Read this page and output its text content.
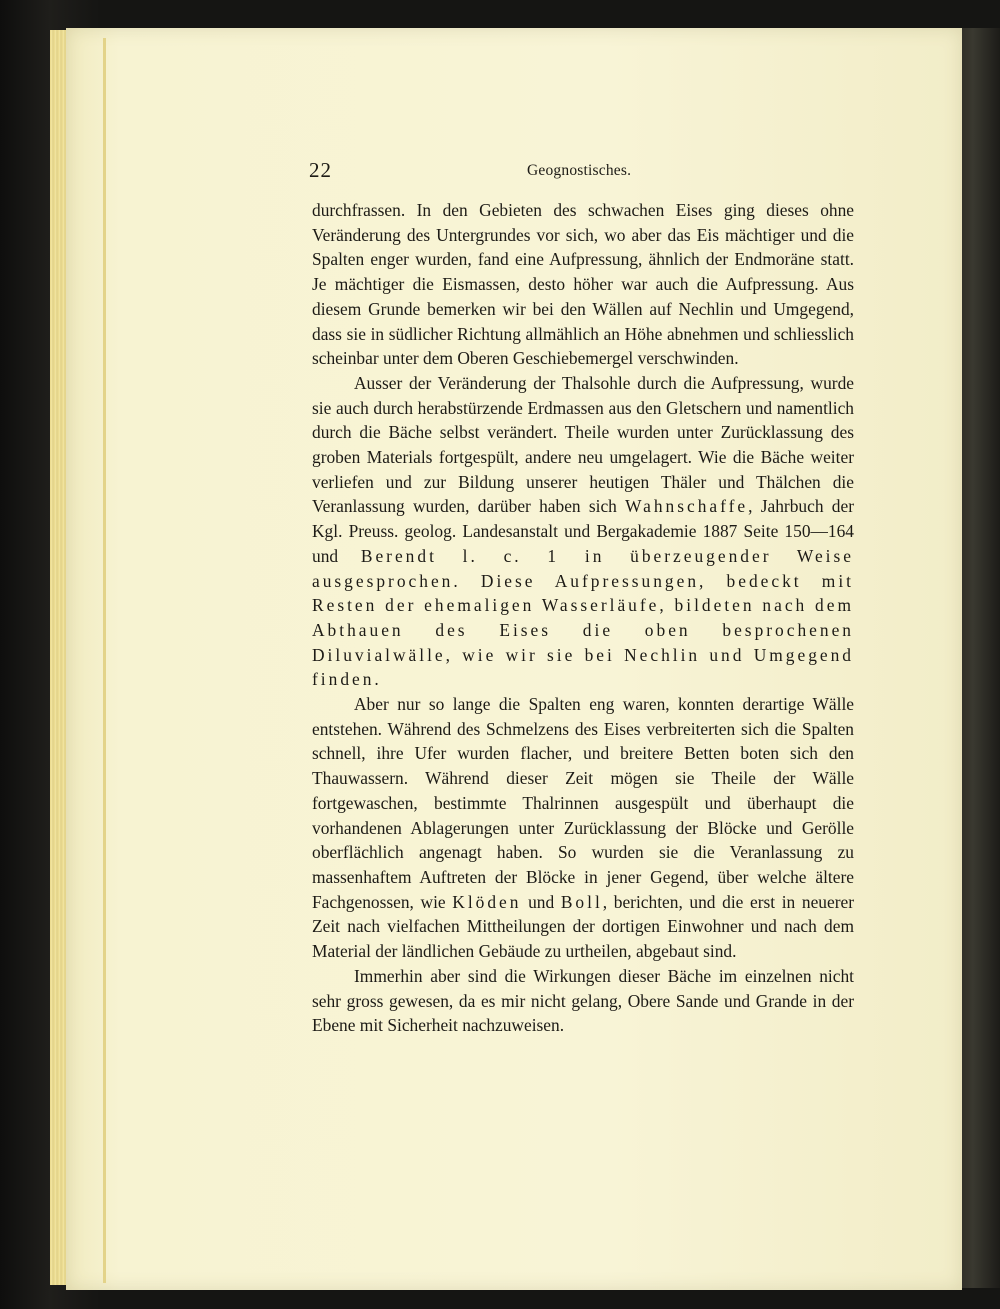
22	Geognostisches.

durchfrassen. In den Gebieten des schwachen Eises ging dieses ohne Veränderung des Untergrundes vor sich, wo aber das Eis mächtiger und die Spalten enger wurden, fand eine Aufpressung, ähnlich der Endmoräne statt. Je mächtiger die Eismassen, desto höher war auch die Aufpressung. Aus diesem Grunde bemerken wir bei den Wällen auf Nechlin und Umgegend, dass sie in südlicher Richtung allmählich an Höhe abnehmen und schliesslich scheinbar unter dem Oberen Geschiebemergel verschwinden.

Ausser der Veränderung der Thalsohle durch die Aufpressung, wurde sie auch durch herabstürzende Erdmassen aus den Gletschern und namentlich durch die Bäche selbst verändert. Theile wurden unter Zurücklassung des groben Materials fortgespült, andere neu umgelagert. Wie die Bäche weiter verliefen und zur Bildung unserer heutigen Thäler und Thälchen die Veranlassung wurden, darüber haben sich Wahnschaffe, Jahrbuch der Kgl. Preuss. geolog. Landesanstalt und Bergakademie 1887 Seite 150—164 und Berendt l. c. 1 in überzeugender Weise ausgesprochen. Diese Aufpressungen, bedeckt mit Resten der ehemaligen Wasserläufe, bildeten nach dem Abthauen des Eises die oben besprochenen Diluvialwälle, wie wir sie bei Nechlin und Umgegend finden.

Aber nur so lange die Spalten eng waren, konnten derartige Wälle entstehen. Während des Schmelzens des Eises verbreiterten sich die Spalten schnell, ihre Ufer wurden flacher, und breitere Betten boten sich den Thauwassern. Während dieser Zeit mögen sie Theile der Wälle fortgewaschen, bestimmte Thalrinnen ausgespült und überhaupt die vorhandenen Ablagerungen unter Zurücklassung der Blöcke und Gerölle oberflächlich angenagt haben. So wurden sie die Veranlassung zu massenhaftem Auftreten der Blöcke in jener Gegend, über welche ältere Fachgenossen, wie Klöden und Boll, berichten, und die erst in neuerer Zeit nach vielfachen Mittheilungen der dortigen Einwohner und nach dem Material der ländlichen Gebäude zu urtheilen, abgebaut sind.

Immerhin aber sind die Wirkungen dieser Bäche im einzelnen nicht sehr gross gewesen, da es mir nicht gelang, Obere Sande und Grande in der Ebene mit Sicherheit nachzuweisen.
